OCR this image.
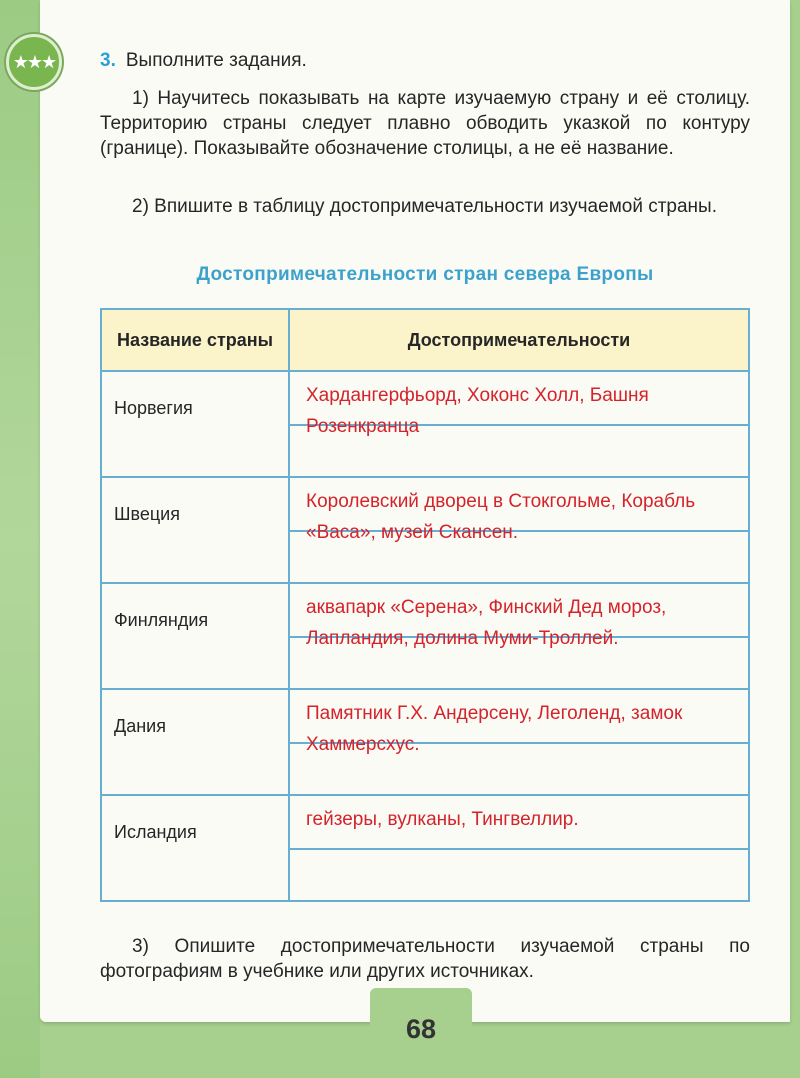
★★★	3. Выполните задания.
1) Научитесь показывать на карте изучаемую страну и её столицу. Территорию страны следует плавно обводить указкой по контуру (границе). Показывайте обозначение столицы, а не её название.
2) Впишите в таблицу достопримечательности изучаемой страны.
Достопримечательности стран севера Европы
Название страны	Достопримечательности
Норвегия	Хардангерфьорд, Хоконс Холл, Башня Розенкранца

Швеция	Королевский дворец в Стокгольме, Корабль «Васа», музей Скансен.

Финляндия	аквапарк «Серена», Финский Дед мороз, Лапландия, долина Муми-Троллей.

Дания	Памятник Г.Х. Андерсену, Леголенд, замок Хаммерсхус.

Исландия	гейзеры, вулканы, Тингвеллир.
3) Опишите достопримечательности изучаемой страны по фотографиям в учебнике или других источниках.
68
